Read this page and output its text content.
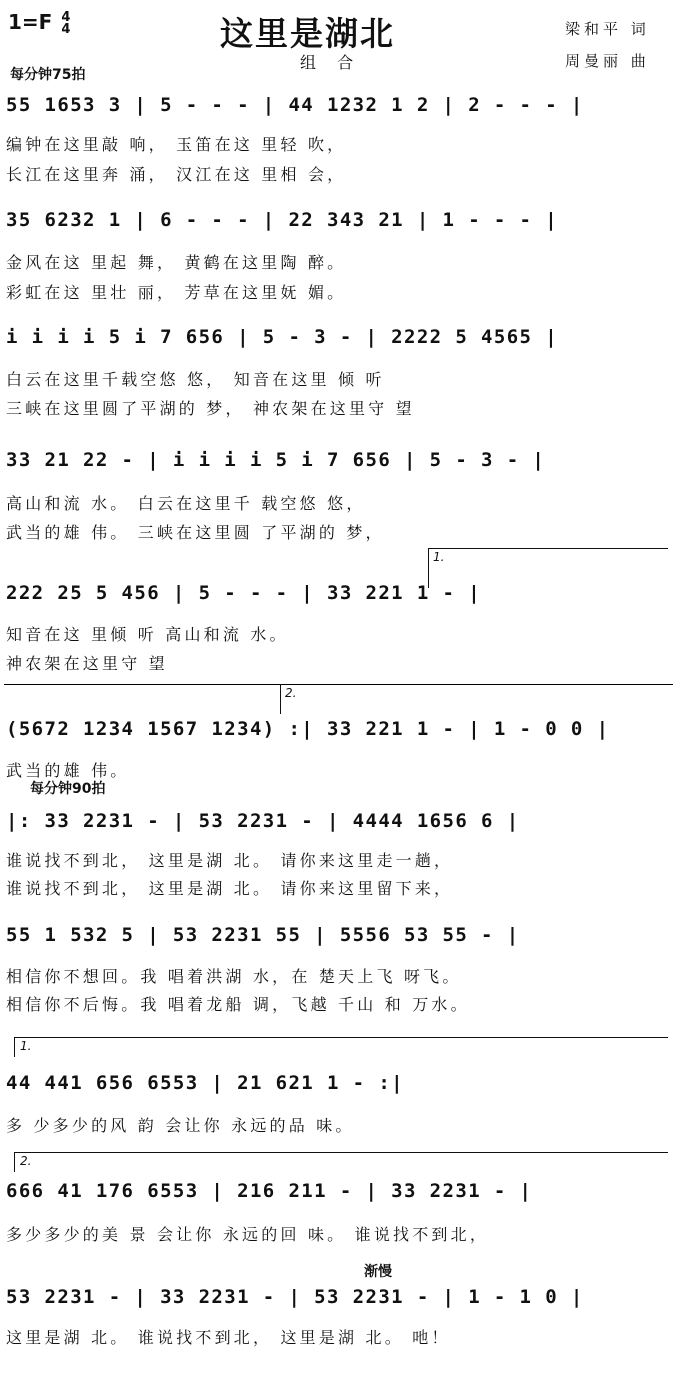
1=F 4
4	这里是湖北
组 合
梁和平 词
周曼丽 曲
每分钟75拍
55 1653 3 | 5 - - - | 44 1232 1 2 | 2 - - - |
编钟在这里敲 响， 玉笛在这 里轻 吹，
长江在这里奔 涌， 汉江在这 里相 会，
35 6232 1 | 6 - - - | 22 343 21 | 1 - - - |
金风在这 里起 舞， 黄鹤在这里陶 醉。
彩虹在这 里壮 丽， 芳草在这里妩 媚。
i i i i 5 i 7 656 | 5 - 3 - | 2222 5 4565 |
白云在这里千载空悠 悠， 知音在这里 倾 听
三峡在这里圆了平湖的 梦， 神农架在这里守 望
33 21 22 - | i i i i 5 i 7 656 | 5 - 3 - |
高山和流 水。 白云在这里千 载空悠 悠，
武当的雄 伟。 三峡在这里圆 了平湖的 梦，
1.
222 25 5 456 | 5 - - - | 33 221 1 - |
知音在这 里倾 听 高山和流 水。
神农架在这里守 望
2.
(5672 1234 1567 1234) :| 33 221 1 - | 1 - 0 0 |
武当的雄 伟。
每分钟90拍
|: 33 2231 - | 53 2231 - | 4444 1656 6 |
谁说找不到北， 这里是湖 北。 请你来这里走一趟，
谁说找不到北， 这里是湖 北。 请你来这里留下来，
55 1 532 5 | 53 2231 55 | 5556 53 55 - |
相信你不想回。我 唱着洪湖 水，在 楚天上飞 呀飞。
相信你不后悔。我 唱着龙船 调，飞越 千山 和 万水。
1.
44 441 656 6553 | 21 621 1 - :|
多 少多少的风 韵 会让你 永远的品 味。
2.
666 41 176 6553 | 216 211 - | 33 2231 - |
多少多少的美 景 会让你 永远的回 味。 谁说找不到北，
渐慢
53 2231 - | 33 2231 - | 53 2231 - | 1 - 1 0 |
这里是湖 北。 谁说找不到北， 这里是湖 北。 吔！
